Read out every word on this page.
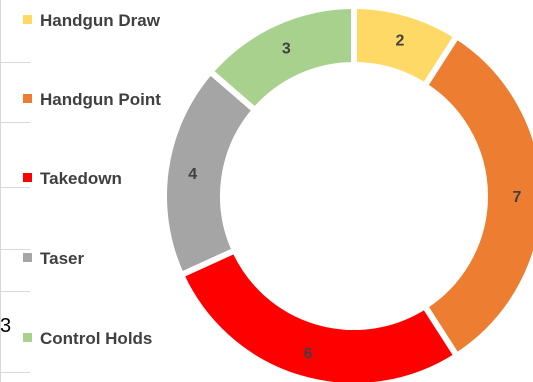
3
Handgun Draw
Handgun Point
Takedown
Taser
Control Holds
2
7
6
4
3
